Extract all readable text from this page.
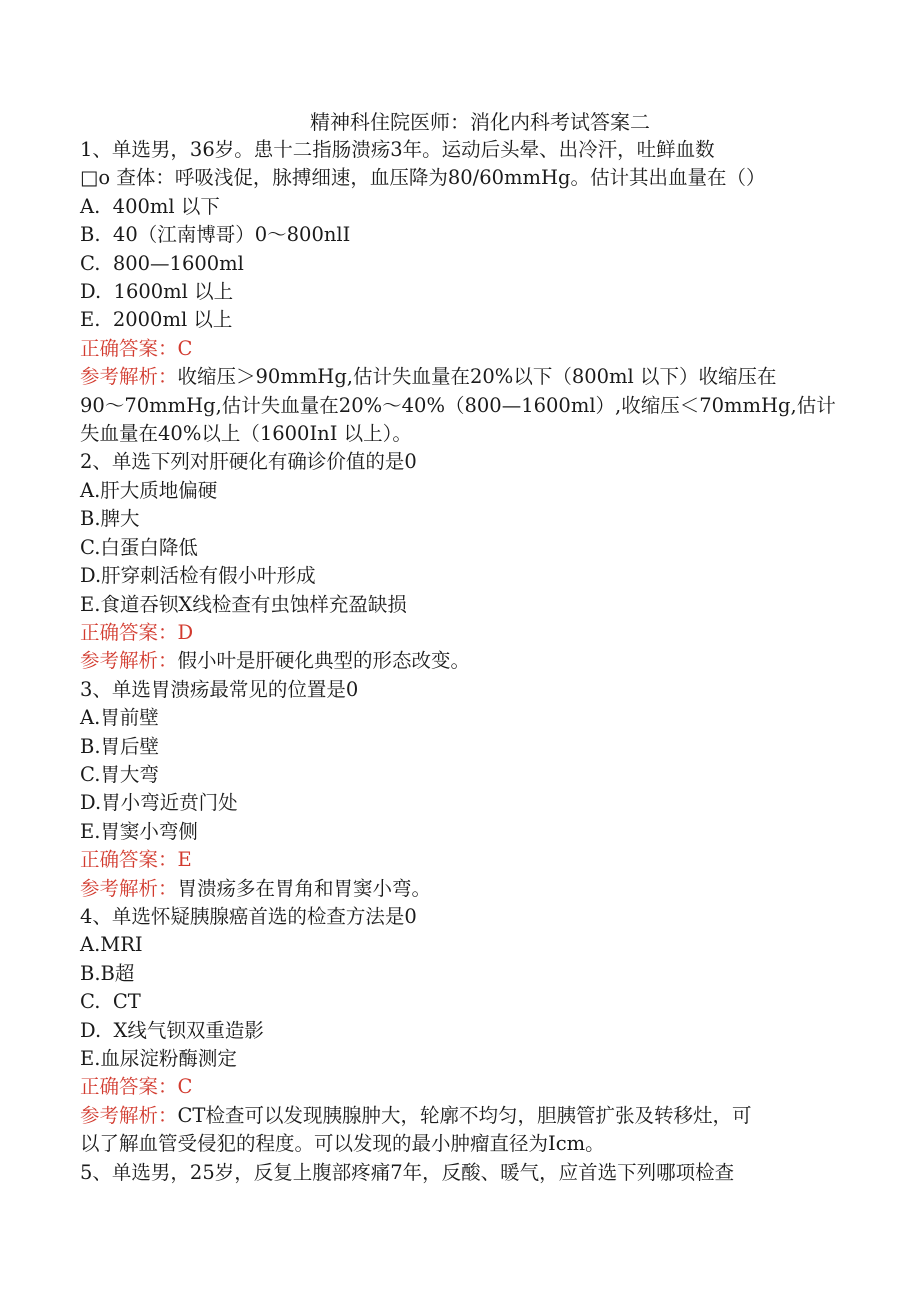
精神科住院医师：消化内科考试答案二

1、单选男，36岁。患十二指肠溃疡3年。运动后头晕、出冷汗，吐鲜血数

□o 查体：呼吸浅促，脉搏细速，血压降为80/60mmHg。估计其出血量在（）

A.  400ml 以下

B.  40（江南博哥）0～800nlI

C.  800—1600ml

D.  1600ml 以上

E.  2000ml 以上

正确答案：C

参考解析：收缩压＞90mmHg,估计失血量在20%以下（800ml 以下）收缩压在

90～70mmHg,估计失血量在20%～40%（800—1600ml）,收缩压＜70mmHg,估计

失血量在40%以上（1600InI 以上）。

2、单选下列对肝硬化有确诊价值的是0

A.肝大质地偏硬

B.脾大

C.白蛋白降低

D.肝穿刺活检有假小叶形成

E.食道吞钡X线检查有虫蚀样充盈缺损

正确答案：D

参考解析：假小叶是肝硬化典型的形态改变。

3、单选胃溃疡最常见的位置是0

A.胃前壁

B.胃后壁

C.胃大弯

D.胃小弯近贲门处

E.胃窦小弯侧

正确答案：E

参考解析：胃溃疡多在胃角和胃窦小弯。

4、单选怀疑胰腺癌首选的检查方法是0

A.MRI

B.B超

C.  CT

D.  X线气钡双重造影

E.血尿淀粉酶测定

正确答案：C

参考解析：CT检查可以发现胰腺肿大，轮廓不均匀，胆胰管扩张及转移灶，可

以了解血管受侵犯的程度。可以发现的最小肿瘤直径为Icm。

5、单选男，25岁，反复上腹部疼痛7年，反酸、暖气，应首选下列哪项检查
